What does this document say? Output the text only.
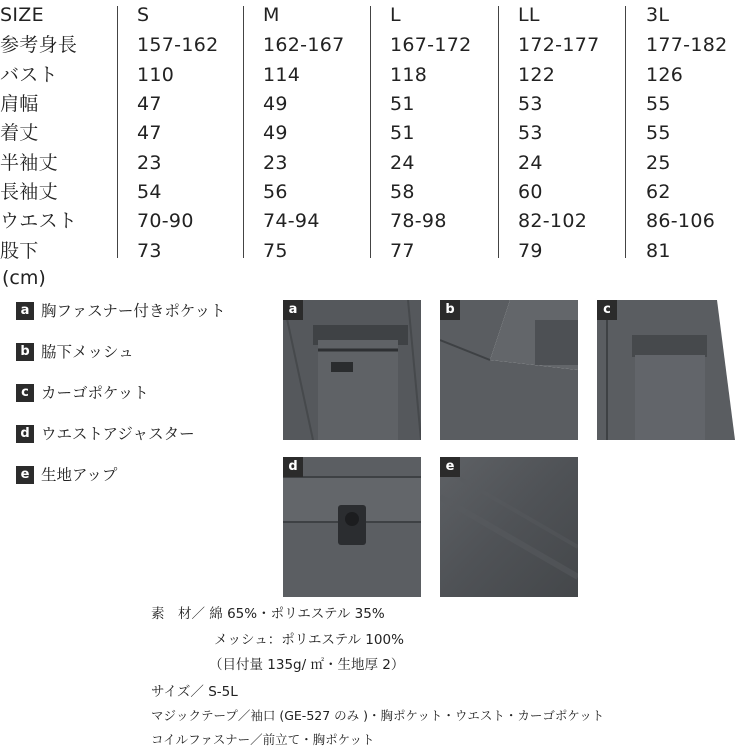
SIZE	S	M	L	LL	3L
参考身長	157-162 162-167 167-172 172-177 177-182
バスト	110	114	118	122	126
肩幅	47	49	51	53	55
着丈	47	49	51	53	55
半袖丈	23	23	24	24	25
長袖丈	54	56	58	60	62
ウエスト	70-90	74-94	78-98	82-102	86-106
股下	73	75	77	79	81
(cm)
a 胸ファスナー付きポケット
b 脇下メッシュ
c カーゴポケット
d ウエストアジャスター
e 生地アップ
a	b	c
d	e
素　材／ 綿 65%・ポリエステル 35%
メッシュ：ポリエステル 100%
（目付量 135g/ ㎡・生地厚 2）
サイズ／ S-5L
マジックテープ／袖口 (GE-527 のみ )・胸ポケット・ウエスト・カーゴポケット
コイルファスナー／前立て・胸ポケット
